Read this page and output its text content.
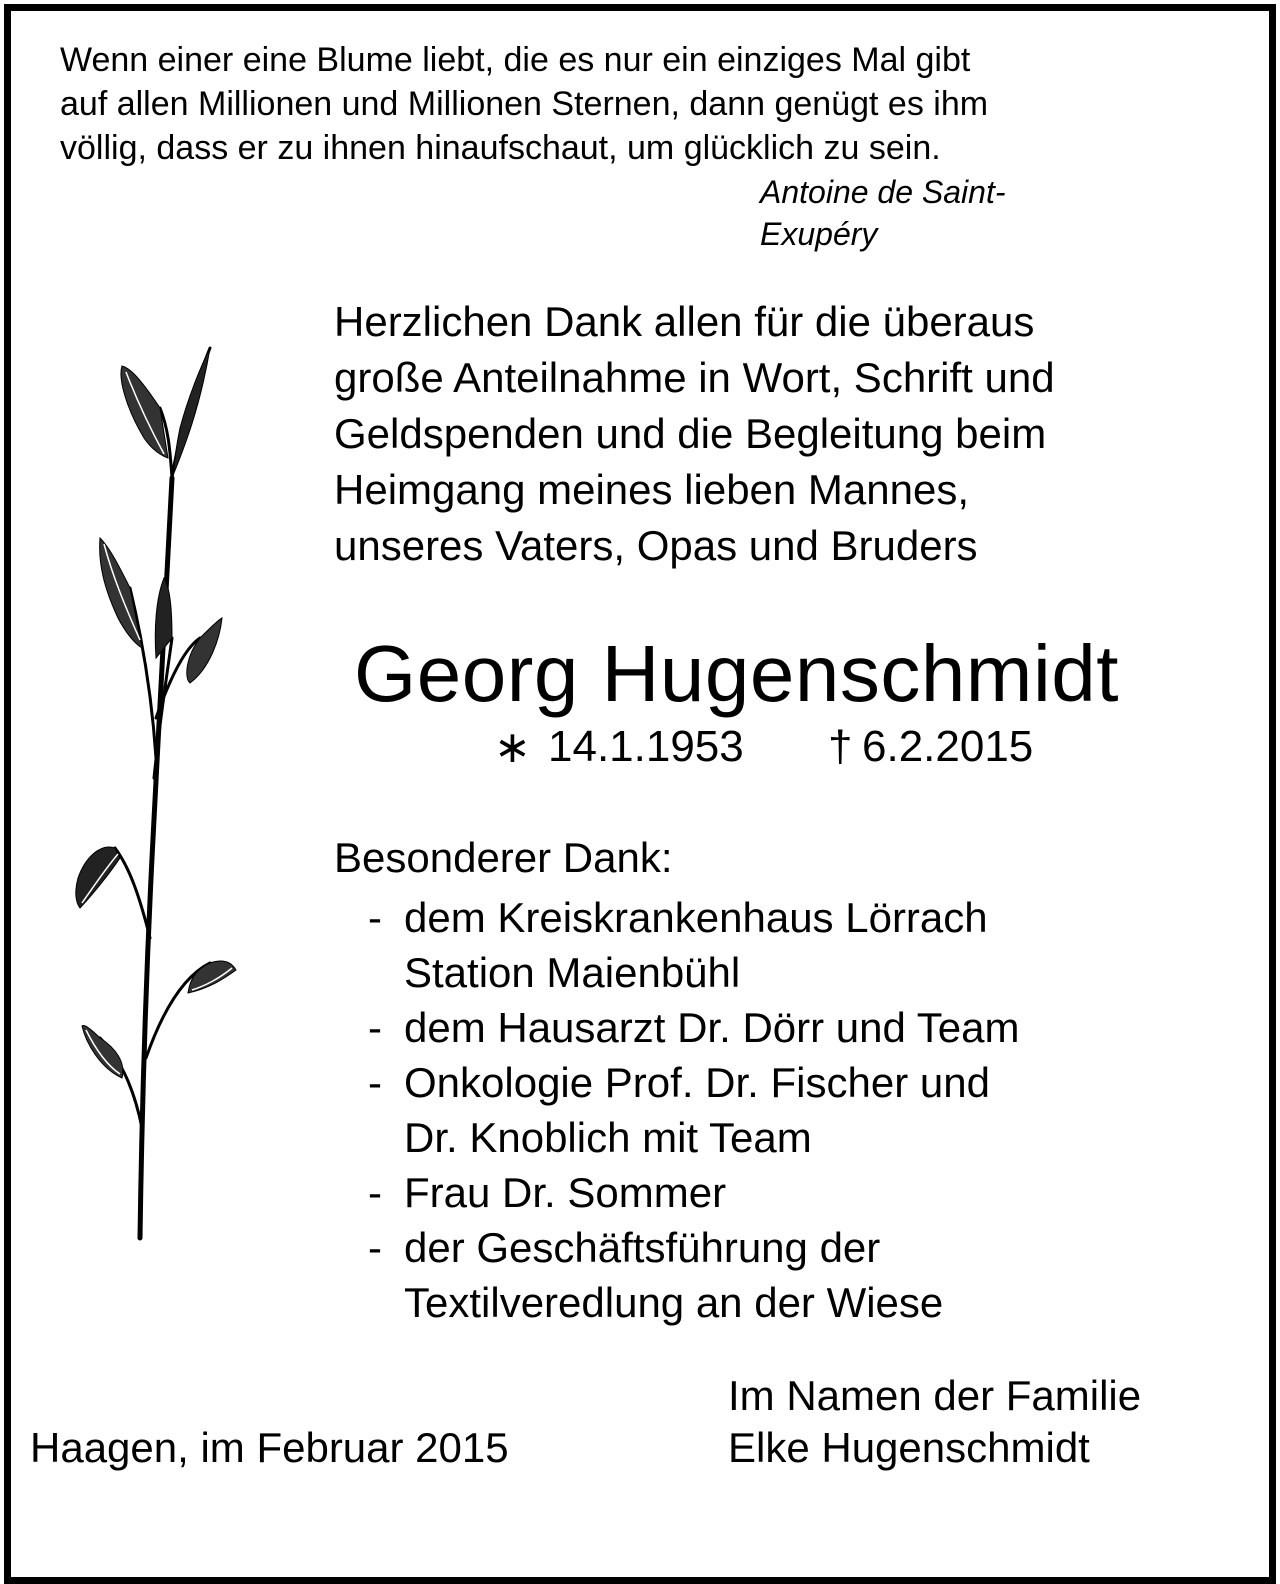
Wenn einer eine Blume liebt, die es nur ein einziges Mal gibt
auf allen Millionen und Millionen Sternen, dann genügt es ihm
völlig, dass er zu ihnen hinaufschaut, um glücklich zu sein.
Antoine de Saint-
Exupéry
Herzlichen Dank allen für die überaus
große Anteilnahme in Wort, Schrift und
Geldspenden und die Begleitung beim
Heimgang meines lieben Mannes,
unseres Vaters, Opas und Bruders
Georg Hugenschmidt
∗ 14.1.1953 † 6.2.2015
Besonderer Dank:
- dem Kreiskrankenhaus Lörrach
Station Maienbühl
- dem Hausarzt Dr. Dörr und Team
- Onkologie Prof. Dr. Fischer und
Dr. Knoblich mit Team
- Frau Dr. Sommer
- der Geschäftsführung der
Textilveredlung an der Wiese
Im Namen der Familie
Haagen, im Februar 2015	Elke Hugenschmidt
